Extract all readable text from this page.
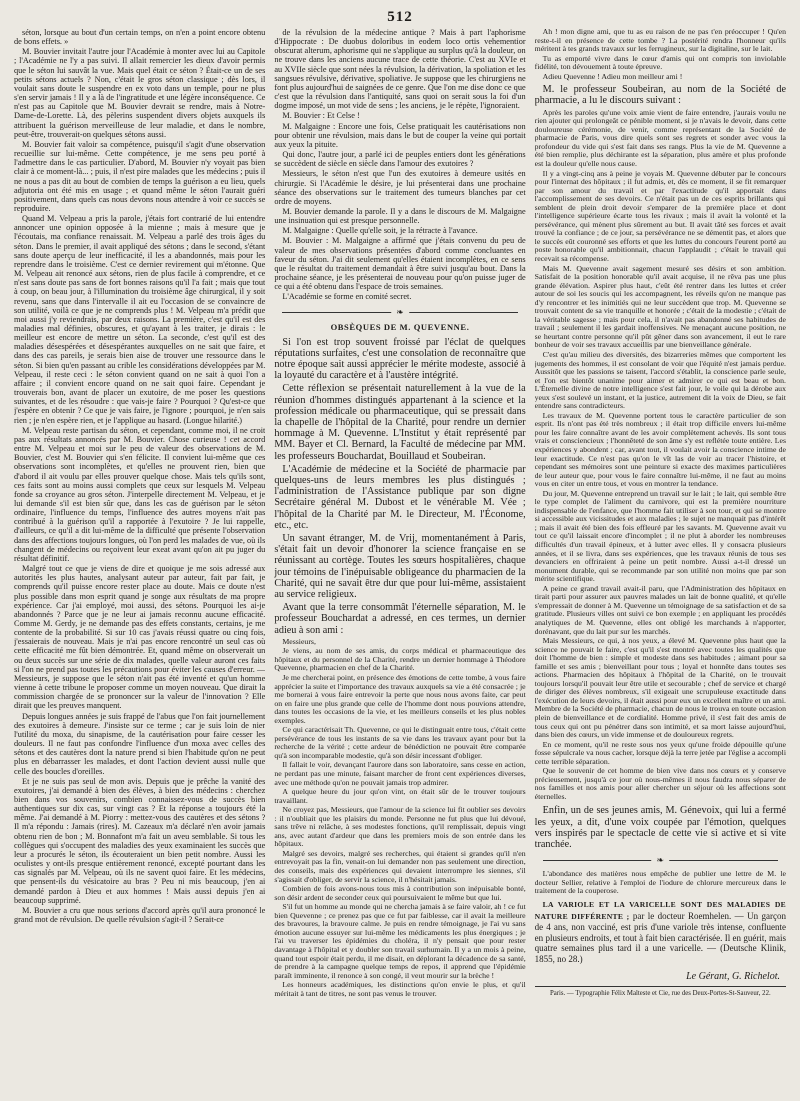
512

séton, lorsque au bout d'un certain temps, on n'en a point encore obtenu de bons effets. »

M. Bouvier invitait l'autre jour l'Académie à monter avec lui au Capitole ; l'Académie ne l'y a pas suivi. Il allait remercier les dieux d'avoir permis que le séton lui sauvât la vue. Mais quel était ce séton ? Était-ce un de ses petits sétons actuels ? Non, c'était le gros séton classique ; dès lors, il voulait sans doute le suspendre en ex voto dans un temple, pour ne plus s'en servir jamais ! Il y a là de l'ingratitude et une légère inconséquence. Ce n'est pas au Capitole que M. Bouvier devrait se rendre, mais à Notre-Dame-de-Lorette. Là, des pèlerins suspendent divers objets auxquels ils attribuent la guérison merveilleuse de leur maladie, et dans le nombre, peut-être, trouverait-on quelques sétons aussi.

M. Bouvier fait valoir sa compétence, puisqu'il s'agit d'une observation recueillie sur lui-même. Cette compétence, je me sens peu porté à l'admettre dans le cas particulier. D'abord, M. Bouvier n'y voyait pas bien clair à ce moment-là... ; puis, il n'est pire malades que les médecins ; puis il ne nous a pas dit au bout de combien de temps la guérison a eu lieu, quels adjutoria ont été mis en usage ; et quand même le séton l'aurait guéri positivement, dans quels cas nous devons nous attendre à voir ce succès se reproduire.

Quand M. Velpeau a pris la parole, j'étais fort contrarié de lui entendre annoncer une opinion opposée à la mienne ; mais à mesure que je l'écoutais, ma confiance renaissait. M. Velpeau a parlé des trois âges du séton. Dans le premier, il avait appliqué des sétons ; dans le second, s'étant sans doute aperçu de leur inefficacité, il les a abandonnés, mais pour les reprendre dans le troisième. C'est ce dernier revirement qui m'étonne. Que M. Velpeau ait renoncé aux sétons, rien de plus facile à comprendre, et ce n'est sans doute pas sans de fort bonnes raisons qu'il l'a fait ; mais que tout à coup, on beau jour, à l'illumination du troisième âge chirurgical, il y soit revenu, sans que dans l'intervalle il ait eu l'occasion de se convaincre de son utilité, voilà ce que je ne comprends plus ! M. Velpeau m'a prédit que moi aussi j'y reviendrais, par deux raisons. La première, c'est qu'il est des maladies mal définies, obscures, et qu'ayant à les traiter, je dirais : le meilleur est encore de mettre un séton. La seconde, c'est qu'il est des maladies désespérées et désespérantes auxquelles on ne sait que faire, et dans des cas pareils, je serais bien aise de trouver une ressource dans le séton. Si bien qu'en passant au crible les considérations développées par M. Velpeau, il reste ceci : le séton convient quand on ne sait à quoi l'on a affaire ; il convient encore quand on ne sait quoi faire. Cependant je trouverais bon, avant de placer un exutoire, de me poser les questions suivantes, et de les résoudre : que vais-je faire ? Pourquoi ? Qu'est-ce que j'espère en obtenir ? Ce que je vais faire, je l'ignore ; pourquoi, je n'en sais rien ; je n'en espère rien, et je l'applique au hasard. (Longue hilarité.)

M. Velpeau reste partisan du séton, et cependant, comme moi, il ne croit pas aux résultats annoncés par M. Bouvier. Chose curieuse ! cet accord entre M. Velpeau et moi sur le peu de valeur des observations de M. Bouvier, c'est M. Bouvier qui s'en félicite. Il convient lui-même que ces observations sont incomplètes, et qu'elles ne prouvent rien, bien que d'abord il ait voulu par elles prouver quelque chose. Mais tels qu'ils sont, ces faits sont au moins aussi complets que ceux sur lesquels M. Velpeau fonde sa croyance au gros séton. J'interpelle directement M. Velpeau, et je lui demande s'il est bien sûr que, dans les cas de guérison par le séton ordinaire, l'influence du temps, l'influence des autres moyens n'ait pas contribué à la guérison qu'il a rapportée à l'exutoire ? Je lui rappelle, d'ailleurs, ce qu'il a dit lui-même de la difficulté que présente l'observation dans des affections toujours longues, où l'on perd les malades de vue, où ils changent de médecins ou reçoivent leur exeat avant qu'on ait pu juger du résultat définitif.

Malgré tout ce que je viens de dire et quoique je me sois adressé aux autorités les plus hautes, analysant auteur par auteur, fait par fait, je comprends qu'il puisse encore rester place au doute. Mais ce doute n'est plus possible dans mon esprit quand je songe aux résultats de ma propre expérience. Car j'ai employé, moi aussi, des sétons. Pourquoi les ai-je abandonnés ? Parce que je ne leur ai jamais reconnu aucune efficacité. Comme M. Gerdy, je ne demande pas des effets constants, certains, je me contente de la probabilité. Si sur 10 cas j'avais réussi quatre ou cinq fois, j'essaierais de nouveau. Mais je n'ai pas encore rencontré un seul cas où cette efficacité me fût bien démontrée. Et, quand même on observerait un ou deux succès sur une série de dix malades, quelle valeur auront ces faits si l'on ne prend pas toutes les précautions pour éviter les causes d'erreur. — Messieurs, je suppose que le séton n'ait pas été inventé et qu'un homme vienne à cette tribune le proposer comme un moyen nouveau. Que dirait la commission chargée de se prononcer sur la valeur de l'innovation ? Elle dirait que les preuves manquent.

Depuis longues années je suis frappé de l'abus que l'on fait journellement des exutoires à demeure. J'insiste sur ce terme ; car je suis loin de nier l'utilité du moxa, du sinapisme, de la cautérisation pour faire cesser les douleurs. Il ne faut pas confondre l'influence d'un moxa avec celles des sétons et des cautères dont la nature prend si bien l'habitude qu'on ne peut plus en débarrasser les malades, et dont l'action devient aussi nulle que celle des boucles d'oreilles.

Et je ne suis pas seul de mon avis. Depuis que je prêche la vanité des exutoires, j'ai demandé à bien des élèves, à bien des médecins : cherchez bien dans vos souvenirs, combien connaissez-vous de succès bien authentiques sur dix cas, sur vingt cas ? Et la réponse a toujours été la même. J'ai demandé à M. Piorry : mettez-vous des cautères et des sétons ? Il m'a répondu : Jamais (rires). M. Cazeaux m'a déclaré n'en avoir jamais obtenu rien de bon ; M. Bonnafont m'a fait un aveu semblable. Si tous les collègues qui s'occupent des maladies des yeux examinaient les succès que leur a procurés le séton, ils écouteraient un bien petit nombre. Aussi les oculistes y ont-ils presque entièrement renoncé, excepté pourtant dans les cas signalés par M. Velpeau, où ils ne savent quoi faire. Et les médecins, que pensent-ils du vésicatoire au bras ? Peu ni mis beaucoup, j'en ai demandé pardon à Dieu et aux hommes ! Mais aussi depuis j'en ai beaucoup supprimé.

M. Bouvier a cru que nous serions d'accord après qu'il aura prononcé le grand mot de révulsion. De quelle révulsion s'agit-il ? Serait-ce

de la révulsion de la médecine antique ? Mais à part l'aphorisme d'Hippocrate : De duobus doloribus in eodem loco ortis vehementior obscurat alterum, aphorisme qui ne s'applique au surplus qu'à la douleur, on ne trouve dans les anciens aucune trace de cette théorie. C'est au XVIe et au XVIIe siècle que sont nées la révulsion, la dérivation, la spoliation et les sangsues révulsive, dérivative, spoliative. Je suppose que les chirurgiens ne font plus aujourd'hui de saignées de ce genre. Que l'on me dise donc ce que c'est que la révulsion dans l'antiquité, sans quoi on serait sous la foi d'un dogme imposé, un mot vide de sens ; les anciens, je le répète, l'ignoraient.

M. Bouvier : Et Celse !

M. Malgaigne : Encore une fois, Celse pratiquait les cautérisations non pour obtenir une révulsion, mais dans le but de couper la veine qui portait aux yeux la pituite.

Qui donc, l'autre jour, a parlé ici de peuples entiers dont les générations se succèdent de siècle en siècle dans l'amour des exutoires ?

Messieurs, le séton n'est que l'un des exutoires à demeure usités en chirurgie. Si l'Académie le désire, je lui présenterai dans une prochaine séance des observations sur le traitement des tumeurs blanches par cet ordre de moyens.

M. Bouvier demande la parole. Il y a dans le discours de M. Malgaigne une insinuation qui est presque personnelle.

M. Malgaigne : Quelle qu'elle soit, je la rétracte à l'avance.

M. Bouvier : M. Malgaigne a affirmé que j'étais convenu du peu de valeur de mes observations présentées d'abord comme concluantes en faveur du séton. J'ai dit seulement qu'elles étaient incomplètes, en ce sens que le résultat du traitement demandait à être suivi jusqu'au bout. Dans la prochaine séance, je les présenterai de nouveau pour qu'on puisse juger de ce qui a été obtenu dans l'espace de trois semaines.

L'Académie se forme en comité secret.

❧
OBSÈQUES DE M. QUEVENNE.

Si l'on est trop souvent froissé par l'éclat de quelques réputations surfaites, c'est une consolation de reconnaître que notre époque sait aussi apprécier le mérite modeste, associé à la loyauté du caractère et à l'austère intégrité.

Cette réflexion se présentait naturellement à la vue de la réunion d'hommes distingués appartenant à la science et la profession médicale ou pharmaceutique, qui se pressait dans la chapelle de l'hôpital de la Charité, pour rendre un dernier hommage à M. Quevenne. L'Institut y était représenté par MM. Bayer et Cl. Bernard, la Faculté de médecine par MM. les professeurs Bouchardat, Bouillaud et Soubeiran.

L'Académie de médecine et la Société de pharmacie par quelques-uns de leurs membres les plus distingués ; l'administration de l'Assistance publique par son digne Secrétaire général M. Dubost et le vénérable M. Vée ; l'hôpital de la Charité par M. le Directeur, M. l'Économe, etc., etc.

Un savant étranger, M. de Vrij, momentanément à Paris, s'était fait un devoir d'honorer la science française en se réunissant au cortège. Toutes les sœurs hospitalières, chaque jour témoins de l'inépuisable obligeance du pharmacien de la Charité, qui ne savait être dur que pour lui-même, assistaient au service religieux.

Avant que la terre consommât l'éternelle séparation, M. le professeur Bouchardat a adressé, en ces termes, un dernier adieu à son ami :

Messieurs,

Je viens, au nom de ses amis, du corps médical et pharmaceutique des hôpitaux et du personnel de la Charité, rendre un dernier hommage à Théodore Quevenne, pharmacien en chef de la Charité.

Je me chercherai point, en présence des émotions de cette tombe, à vous faire apprécier la suite et l'importance des travaux auxquels sa vie a été consacrée ; je me bornerai à vous faire entrevoir la perte que nous nous avons faite, car peut on en faire une plus grande que celle de l'homme dont nous pouvions attendre, dans toutes les occasions de la vie, et les meilleurs conseils et les plus nobles exemples.

Ce qui caractérisait Th. Quevenne, ce qui le distinguait entre tous, c'était cette persévérance de tous les instants de sa vie dans les travaux ayant pour but la recherche de la vérité ; cette ardeur de bénédiction ne pouvait être comparée qu'à son incomparable modestie, qu'à son désir incessant d'obliger.

Il fallait le voir, devançant l'aurore dans son laboratoire, sans cesse en action, ne perdant pas une minute, faisant marcher de front cent expériences diverses, avec une méthode qu'on ne pouvait jamais trop admirer.

A quelque heure du jour qu'on vint, on était sûr de le trouver toujours travaillant.

Ne croyez pas, Messieurs, que l'amour de la science lui fit oublier ses devoirs : il n'oubliait que les plaisirs du monde. Personne ne fut plus que lui dévoué, sans trêve ni relâche, à ses modestes fonctions, qu'il remplissait, depuis vingt ans, avec autant d'ardeur que dans les premiers mois de son entrée dans les hôpitaux.

Malgré ses devoirs, malgré ses recherches, qui étaient si grandes qu'il n'en entrevoyait pas la fin, venait-on lui demander non pas seulement une direction, des conseils, mais des expériences qui devaient interrompre les siennes, s'il s'agissait d'obliger, de servir la science, il n'hésitait jamais.

Combien de fois avons-nous tous mis à contribution son inépuisable bonté, son désir ardent de seconder ceux qui poursuivaient le même but que lui.

S'il fut un homme au monde qui ne chercha jamais à se faire valoir, ah ! ce fut bien Quevenne ; ce prenez pas que ce fut par faiblesse, car il avait la meilleure des bravoures, la bravoure calme. Je puis en rendre témoignage, je l'ai vu sans émotion aucune essuyer sur lui-même les médicaments les plus énergiques ; je l'ai vu traverser les épidémies du choléra, il n'y pensait que pour rester davantage à l'hôpital et y doubler son travail surhumain. Il y a un mois à peine, quand tout espoir était perdu, il me disait, en déplorant la décadence de sa santé, de prendre à la campagne quelque temps de repos, il apprend que l'épidémie paraît imminente, il renonce à son congé, il veut mourir sur la brèche !

Les honneurs académiques, les distinctions qu'on envie le plus, et qu'il méritait à tant de titres, ne sont pas venus le trouver.

Ah ! mon digne ami, que tu as eu raison de ne pas t'en préoccuper ! Qu'en reste-t-il en présence de cette tombe ? La postérité rendra l'honneur qu'ils méritent à tes grands travaux sur les ferrugineux, sur la digitaline, sur le lait.

Tu as emporté vivre dans le cœur d'amis qui ont compris ton inviolable fidélité, ton dévouement à toute épreuve.

Adieu Quevenne ! Adieu mon meilleur ami !

M. le professeur Soubeiran, au nom de la Société de pharmacie, a lu le discours suivant :

Après les paroles qu'une voix amie vient de faire entendre, j'aurais voulu ne rien ajouter qui prolongeât ce pénible moment, si je n'avais le devoir, dans cette douloureuse cérémonie, de venir, comme représentant de la Société de pharmacie de Paris, vous dire quels sont ses regrets et sonder avec vous la profondeur du vide qui s'est fait dans ses rangs. Plus la vie de M. Quevenne a été bien remplie, plus déchirante est la séparation, plus amère et plus profonde est la douleur qu'elle nous cause.

Il y a vingt-cinq ans à peine je voyais M. Quevenne débuter par le concours pour l'internat des hôpitaux ; il fut admis, et, dès ce moment, il se fit remarquer par son amour du travail et par l'exactitude qu'il apportait dans l'accomplissement de ses devoirs. Ce n'était pas un de ces esprits brillants qui semblent de plein droit devoir s'emparer de la première place et dont l'intelligence supérieure écarte tous les rivaux ; mais il avait la volonté et la persévérance, qui mènent plus sûrement au but. Il avait tâté ses forces et avait trouvé la confiance ; de ce jour, sa persévérance ne se démentit pas, et alors que le succès eût couronné ses efforts et que les luttes du concours l'eurent porté au poste honorable qu'il ambitionnait, chacun l'applaudit ; c'était le travail qui recevait sa récompense.

Mais M. Quevenne avait sagement mesuré ses désirs et son ambition. Satisfait de la position honorable qu'il avait acquise, il ne rêva pas une plus grande élévation. Aspirer plus haut, c'eût été rentrer dans les luttes et créer autour de soi les soucis qui les accompagnent, les réveils qu'on ne manque pas d'y rencontrer et les inimitiés qui ne leur succèdent que trop. M. Quevenne se trouvait content de sa vie tranquille et honorée ; c'était de la modestie ; c'était de la véritable sagesse ; mais pour cela, il n'avait pas abandonné ses habitudes de travail ; seulement il les gardait inoffensives. Ne menaçant aucune position, ne se heurtant contre personne qu'il pût gêner dans son avancement, il eut le rare bonheur de voir ses travaux accueillis par une bienveillance générale.

C'est qu'au milieu des diversités, des bizarreries mêmes que comportent les jugements des hommes, il est consolant de voir que l'équité n'est jamais perdue. Aussitôt que les passions se taisent, l'accord s'établit, la conscience parle seule, et l'on est bientôt unanime pour aimer et admirer ce qui est beau et bon. L'Éternelle divine de notre intelligence s'est fait jour, le voile qui la dérobe aux yeux s'est soulevé un instant, et la justice, autrement dit la voix de Dieu, se fait entendre sans contradicteurs.

Les travaux de M. Quevenne portent tous le caractère particulier de son esprit. Ils n'ont pas été très nombreux ; il était trop difficile envers lui-même pour les faire connaître avant de les avoir complètement achevés. Ils sont tous vrais et consciencieux ; l'honnêteté de son âme s'y est reflétée toute entière. Les expériences y abondent ; car, avant tout, il voulait avoir la conscience intime de leur exactitude. Ce n'est pas qu'on le vît las de voir au tracer l'histoire, et cependant ses mémoires sont une peinture si exacte des maximes particulières de leur auteur que, pour vous le faire connaître lui-même, il ne faut au moins vous en citer un entre tous, et vous en montrer la tendance.

Du jour, M. Quevenne entreprend un travail sur le lait ; le lait, qui semble être le type complet de l'aliment du carnivore, qui est la première nourriture indispensable de l'enfance, que l'homme fait utiliser à son tour, et qui se montre si accessible aux vicissitudes et aux maladies ; le sujet ne manquait pas d'intérêt ; mais il avait été bien des fois effleuré par les savants. M. Quevenne avait vu tout ce qu'il laissait encore d'incomplet ; il ne plut à aborder les nombreuses difficultés d'un travail épineux, et à lutter avec elles. Il y consacra plusieurs années, et il se livra, dans ses expériences, que les travaux réunis de tous ses devanciers en offriraient à peine un petit nombre. Aussi a-t-il dressé un monument durable, qui se recommande par son utilité non moins que par son mérite scientifique.

A peine ce grand travail avait-il paru, que l'Administration des hôpitaux en tirait parti pour assurer aux pauvres malades un lait de bonne qualité, et qu'elle s'empressait de donner à M. Quevenne un témoignage de sa satisfaction et de sa gratitude. Plusieurs villes ont suivi ce bon exemple ; en appliquant les procédés analytiques de M. Quevenne, elles ont obligé les marchands à n'apporter, dorénavant, que du lait pur sur les marchés.

Mais Messieurs, ce qui, à nos yeux, a élevé M. Quevenne plus haut que la science ne pouvait le faire, c'est qu'il s'est montré avec toutes les qualités que doit l'homme de bien : simple et modeste dans ses habitudes ; aimant pour sa famille et ses amis ; bienveillant pour tous ; loyal et honnête dans toutes ses actions. Pharmacien des hôpitaux à l'hôpital de la Charité, on le trouvait toujours lorsqu'il pouvait leur être utile et secourable ; chef de service et chargé de diriger des élèves nombreux, s'il exigeait une scrupuleuse exactitude dans l'exécution de leurs devoirs, il était aussi pour eux un excellent maître et un ami. Membre de la Société de pharmacie, chacun de nous le trouva en toute occasion plein de bienveillance et de cordialité. Homme privé, il s'est fait des amis de tous ceux qui ont pu pénétrer dans son intimité, et sa mort laisse aujourd'hui, dans bien des cœurs, un vide immense et de douloureux regrets.

En ce moment, qu'il ne reste sous nos yeux qu'une froide dépouille qu'une fosse sépulcrale va nous cacher, lorsque déjà la terre jetée par l'église a accompli cette terrible séparation.

Que le souvenir de cet homme de bien vive dans nos cœurs et y conserve précieusement, jusqu'à ce jour où nous-mêmes il nous faudra nous séparer de nos familles et nos amis pour aller chercher un séjour où les affections sont éternelles.

Enfin, un de ses jeunes amis, M. Génevoix, qui lui a fermé les yeux, a dit, d'une voix coupée par l'émotion, quelques vers inspirés par le spectacle de cette vie si active et si vite tranchée.

❧

L'abondance des matières nous empêche de publier une lettre de M. le docteur Sellier, relative à l'emploi de l'iodure de chlorure mercureux dans le traitement de la couperose.

LA VARIOLE ET LA VARICELLE SONT DES MALADIES DE NATURE DIFFÉRENTE ; par le docteur Roemhelen. — Un garçon de 4 ans, non vacciné, est pris d'une variole très intense, confluente en plusieurs endroits, et tout à fait bien caractérisée. Il en guérit, mais quatre semaines plus tard il a une varicelle. — (Deutsche Klinik, 1855, no 28.)

Le Gérant, G. Richelot.
Paris. — Typographie Félix Malteste et Cie, rue des Deux-Portes-St-Sauveur, 22.
